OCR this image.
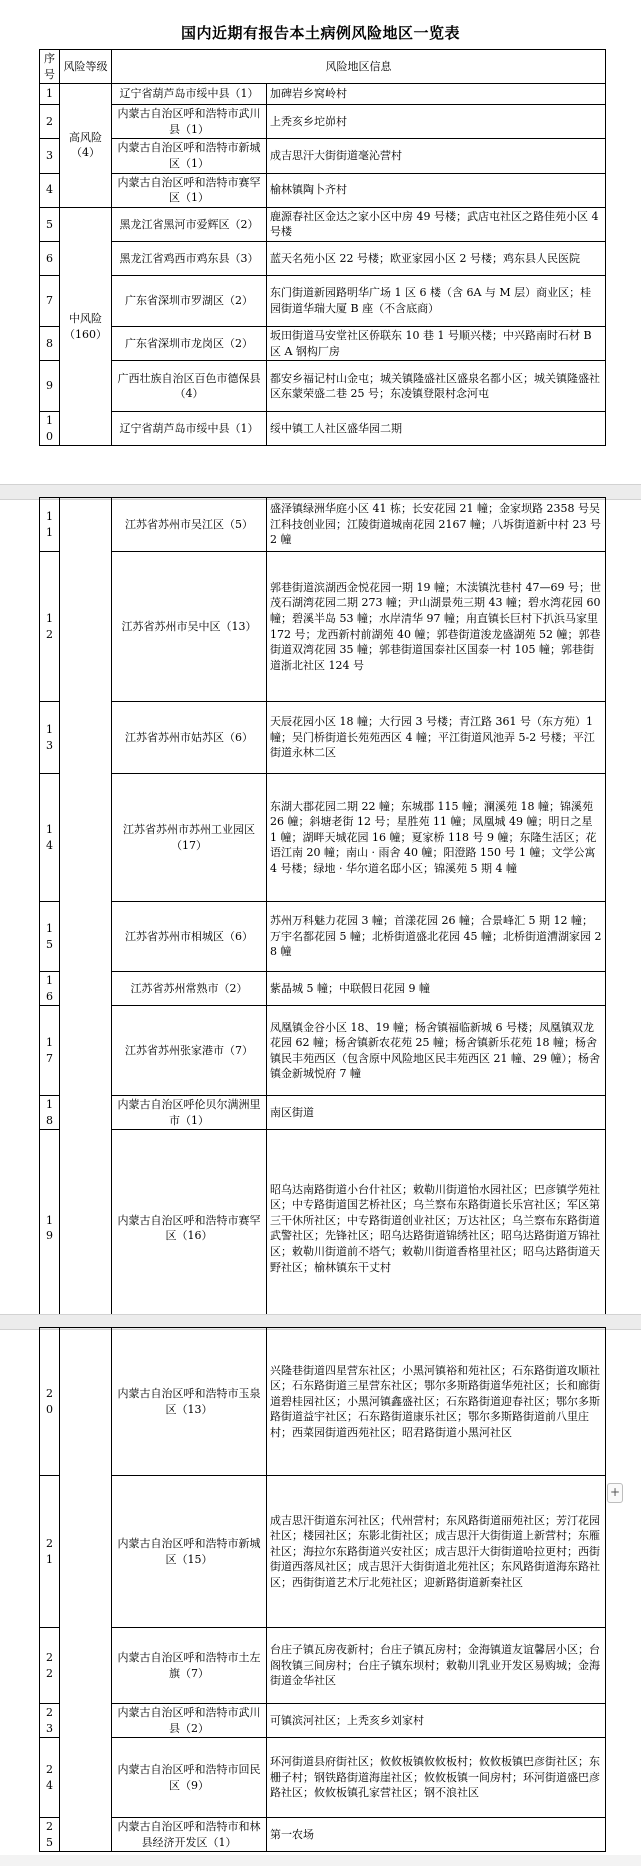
国内近期有报告本土病例风险地区一览表
序号	风险等级	风险地区信息	
1	高风险（4）	辽宁省葫芦岛市绥中县（1）	加碑岩乡窝岭村
2		内蒙古自治区呼和浩特市武川县（1）	上秃亥乡坨峁村
3		内蒙古自治区呼和浩特市新城区（1）	成吉思汗大街街道毫沁营村
4		内蒙古自治区呼和浩特市赛罕区（1）	榆林镇陶卜齐村
5	中风险（160）	黑龙江省黑河市爱辉区（2）	鹿源春社区金达之家小区中房 49 号楼；武店屯社区之路佳苑小区 4 号楼
6		黑龙江省鸡西市鸡东县（3）	蓝天名苑小区 22 号楼；欧亚家园小区 2 号楼；鸡东县人民医院
7		广东省深圳市罗湖区（2）	东门街道新园路明华广场 1 区 6 楼（含 6A 与 M 层）商业区；桂园街道华瑞大厦 B 座（不含底商）
8		广东省深圳市龙岗区（2）	坂田街道马安堂社区侨联东 10 巷 1 号顺兴楼；中兴路南时石材 B 区 A 钢构厂房
9		广西壮族自治区百色市德保县（4）	都安乡福记村山金屯；城关镇隆盛社区盛泉名都小区；城关镇隆盛社区东蒙荣盛二巷 25 号；东凌镇登限村念河屯
10		辽宁省葫芦岛市绥中县（1）	绥中镇工人社区盛华园二期
11		江苏省苏州市吴江区（5）	盛泽镇绿洲华庭小区 41 栋；长安花园 21 幢；金家坝路 2358 号吴江科技创业园；江陵街道城南花园 2167 幢；八坼街道新中村 23 号 2 幢
12		江苏省苏州市吴中区（13）	郭巷街道滨湖西金悦花园一期 19 幢；木渎镇沈巷村 47—69 号；世茂石湖湾花园二期 273 幢；尹山湖景苑三期 43 幢；碧水湾花园 60 幢；碧溪半岛 53 幢；水岸清华 97 幢；甪直镇长巨村下扒浜马家里 172 号；龙西新村前湖苑 40 幢；郭巷街道浚龙盛湖苑 52 幢；郭巷街道双湾花园 35 幢；郭巷街道国泰社区国泰一村 105 幢；郭巷街道浙北社区 124 号
13		江苏省苏州市姑苏区（6）	天辰花园小区 18 幢；大行园 3 号楼；青江路 361 号（东方苑）1 幢；吴门桥街道长苑苑西区 4 幢；平江街道风池弄 5-2 号楼；平江街道永林二区
14		江苏省苏州市苏州工业园区（17）	东湖大郡花园二期 22 幢；东城郡 115 幢；澜溪苑 18 幢；锦溪苑 26 幢；斜塘老街 12 号；星胜苑 11 幢；凤凰城 49 幢；明日之星 1 幢；湖畔天城花园 16 幢；夏家桥 118 号 9 幢；东隆生活区；花语江南 20 幢；南山 · 雨舍 40 幢；阳澄路 150 号 1 幢；文学公寓 4 号楼；绿地 · 华尔道名邸小区；锦溪苑 5 期 4 幢
15		江苏省苏州市相城区（6）	苏州万科魅力花园 3 幢；首漾花园 26 幢；合景峰汇 5 期 12 幢；万宇名都花园 5 幢；北桥街道盛北花园 45 幢；北桥街道漕湖家园 28 幢
16		江苏省苏州常熟市（2）	紫晶城 5 幢；中联假日花园 9 幢
17		江苏省苏州张家港市（7）	凤凰镇金谷小区 18、19 幢；杨舍镇福临新城 6 号楼；凤凰镇双龙花园 62 幢；杨舍镇新农花苑 25 幢；杨舍镇新乐花苑 18 幢；杨舍镇民丰苑西区（包含原中风险地区民丰苑西区 21 幢、29 幢）；杨舍镇金新城悦府 7 幢
18		内蒙古自治区呼伦贝尔满洲里市（1）	南区街道
19		内蒙古自治区呼和浩特市赛罕区（16）	昭乌达南路街道小台什社区；敕勒川街道怡水园社区；巴彦镇学苑社区；中专路街道国艺桥社区；乌兰察布东路街道长乐宫社区；军区第三干休所社区；中专路街道创业社区；万达社区；乌兰察布东路街道武警社区；先锋社区；昭乌达路街道锦绣社区；昭乌达路街道万锦社区；敕勒川街道前不塔气；敕勒川街道香格里社区；昭乌达路街道天野社区；榆林镇东干丈村
20		内蒙古自治区呼和浩特市玉泉区（13）	兴隆巷街道四星营东社区；小黑河镇裕和苑社区；石东路街道攻顺社区；石东路街道三星营东社区；鄂尔多斯路街道华苑社区；长和廊街道碧桂园社区；小黑河镇鑫盛社区；石东路街道迎春社区；鄂尔多斯路街道益宇社区；石东路街道康乐社区；鄂尔多斯路街道前八里庄村；西菜园街道西苑社区；昭君路街道小黑河社区
21		内蒙古自治区呼和浩特市新城区（15）	成吉思汗街道东河社区；代州营村；东风路街道丽苑社区；芳汀花园社区；楼园社区；东影北街社区；成吉思汗大街街道上新营村；东雁社区；海拉尔东路街道兴安社区；成吉思汗大街街道哈拉更村；西街街道西落凤社区；成吉思汗大街街道北苑社区；东风路街道海东路社区；西街街道艺术厅北苑社区；迎新路街道新秦社区
22		内蒙古自治区呼和浩特市土左旗（7）	台庄子镇瓦房夜新村；台庄子镇瓦房村；金海镇道友谊馨居小区；台阁牧镇三间房村；台庄子镇东坝村；敕勒川乳业开发区易购城；金海街道金华社区
23		内蒙古自治区呼和浩特市武川县（2）	可镇滨河社区；上秃亥乡刘家村
24		内蒙古自治区呼和浩特市回民区（9）	环河街道县府街社区；攸攸板镇攸攸板村；攸攸板镇巴彦街社区；东栅子村；钢铁路街道海崖社区；攸攸板镇一间房村；环河街道盛巴彦路社区；攸攸板镇孔家营社区；钢不浪社区
25		内蒙古自治区呼和浩特市和林县经济开发区（1）	第一农场
+
